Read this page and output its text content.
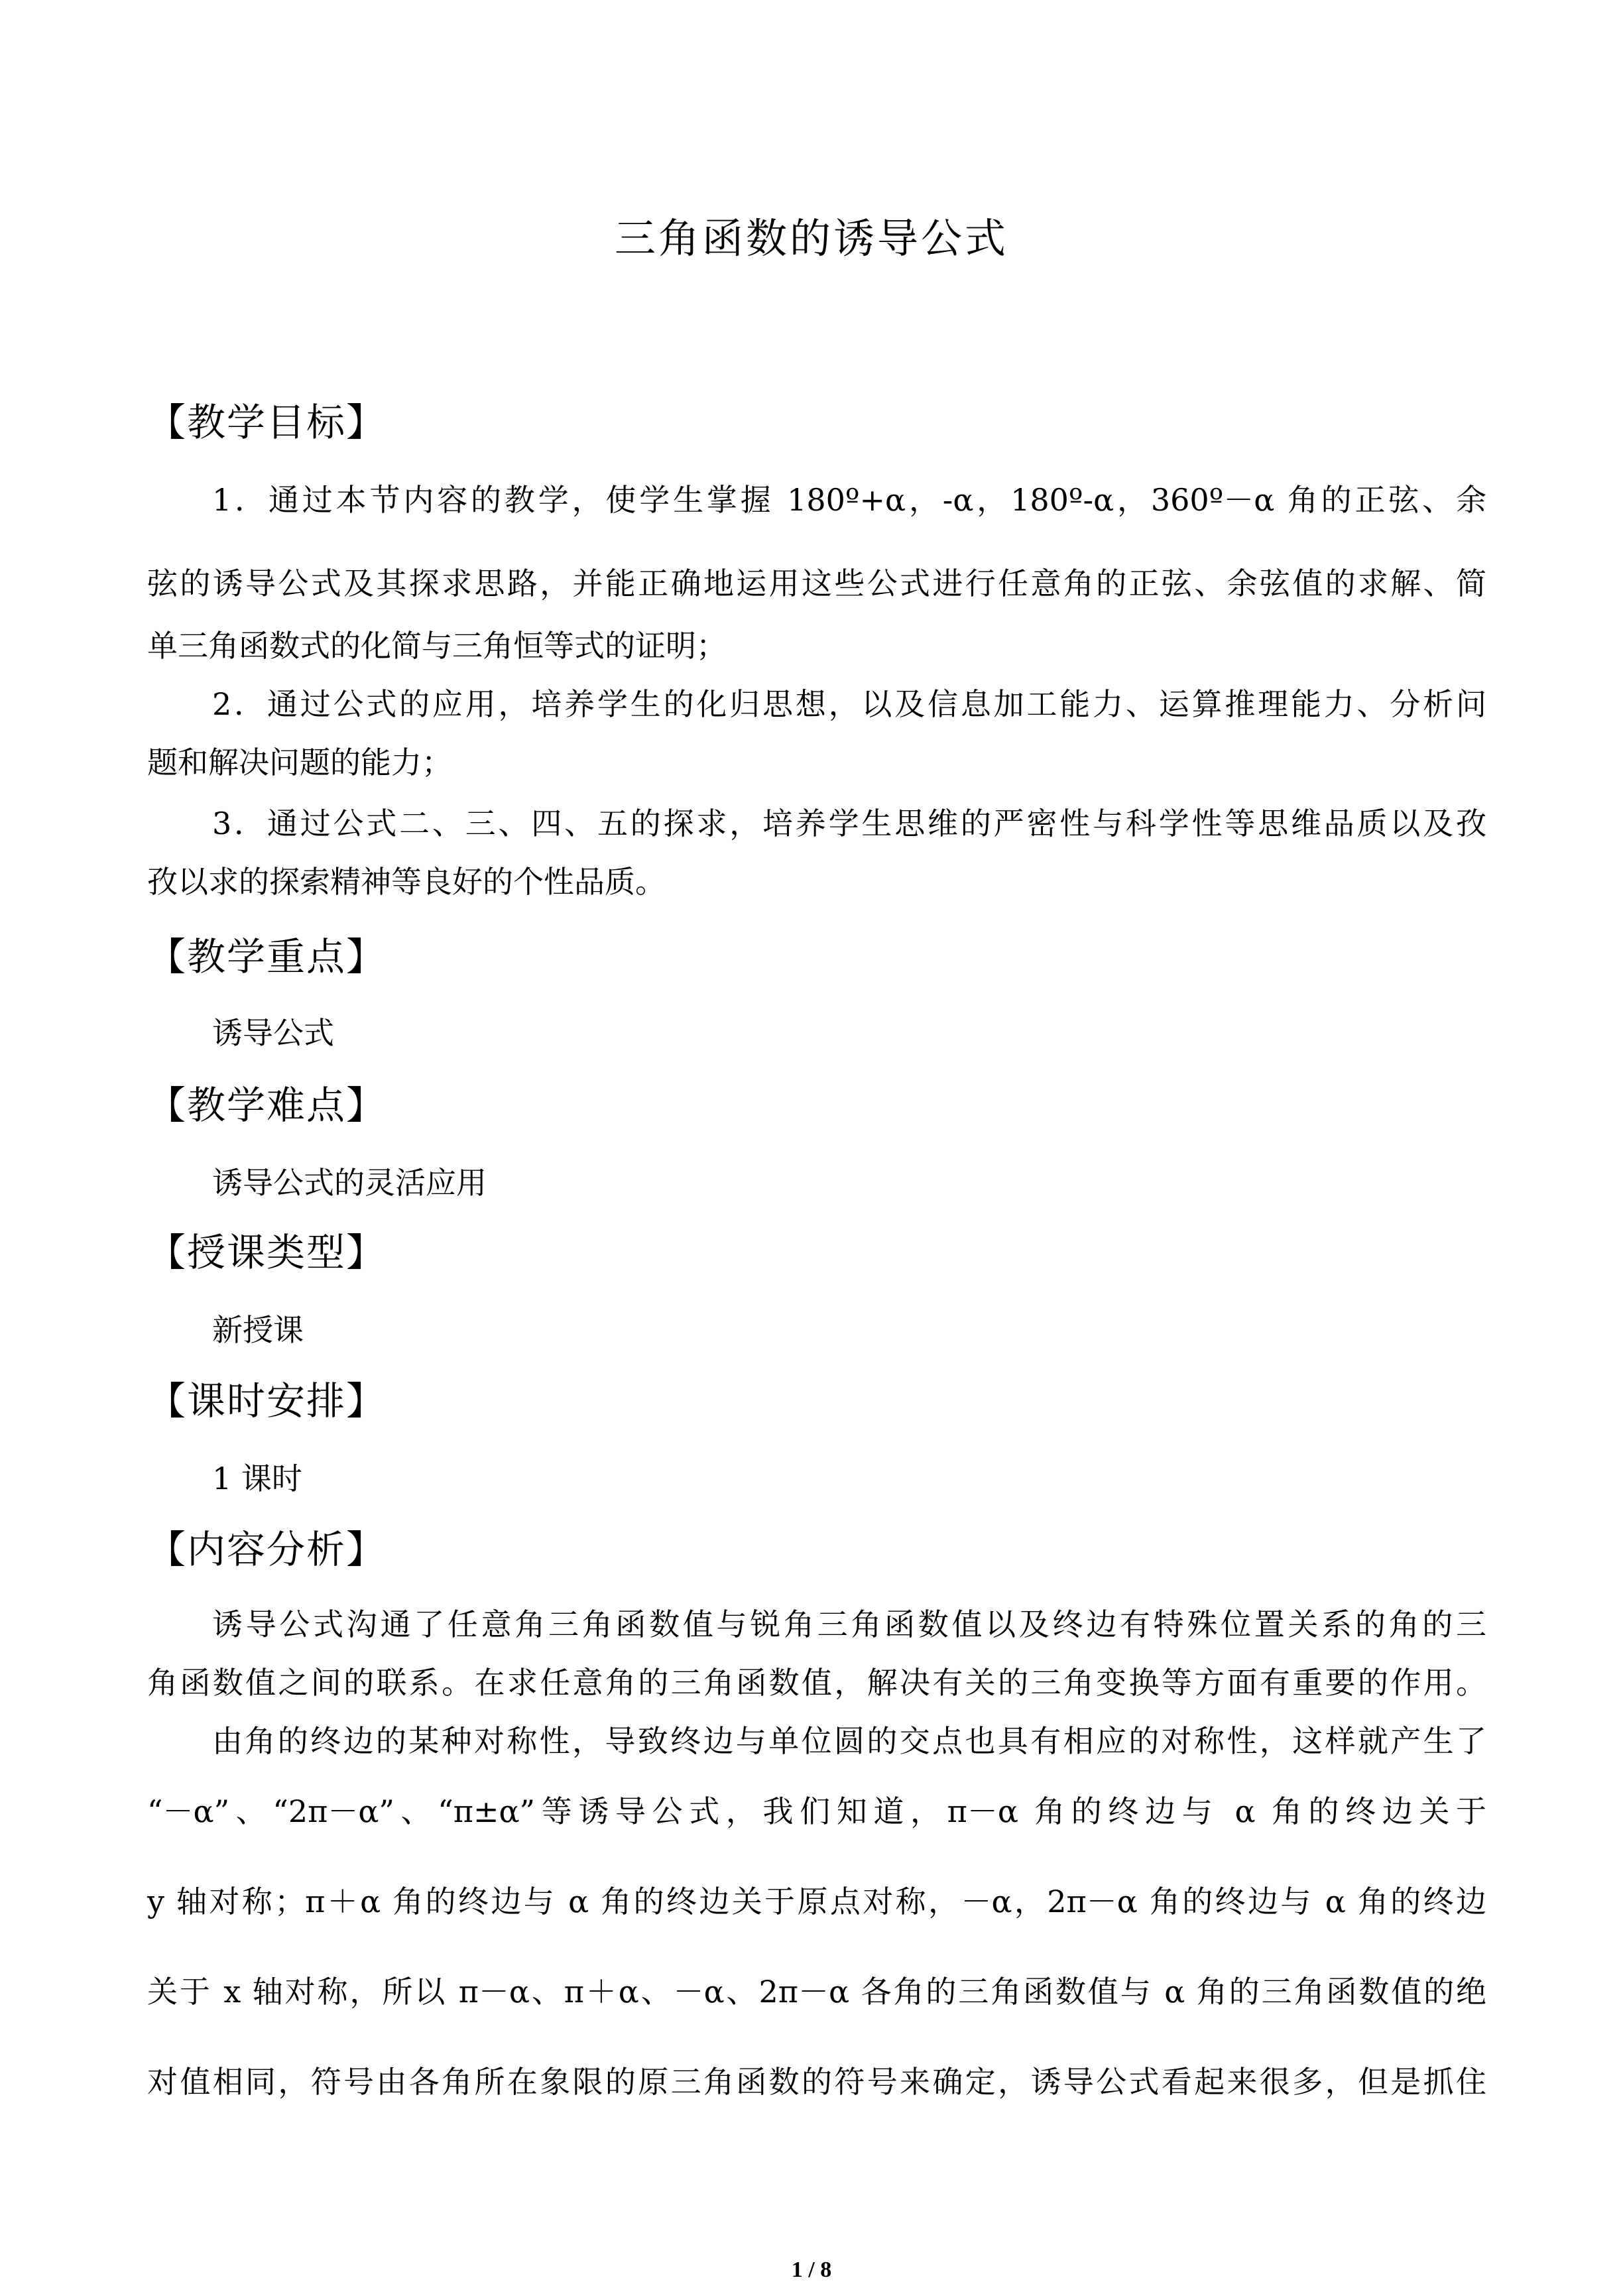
三角函数的诱导公式
【教学目标】
1．通过本节内容的教学，使学生掌握 180º+α，-α，180º-α，360º－α 角的正弦、余
弦的诱导公式及其探求思路，并能正确地运用这些公式进行任意角的正弦、余弦值的求解、简
单三角函数式的化简与三角恒等式的证明；
2．通过公式的应用，培养学生的化归思想，以及信息加工能力、运算推理能力、分析问
题和解决问题的能力；
3．通过公式二、三、四、五的探求，培养学生思维的严密性与科学性等思维品质以及孜
孜以求的探索精神等良好的个性品质。
【教学重点】
诱导公式
【教学难点】
诱导公式的灵活应用
【授课类型】
新授课
【课时安排】
1 课时
【内容分析】
诱导公式沟通了任意角三角函数值与锐角三角函数值以及终边有特殊位置关系的角的三
角函数值之间的联系。在求任意角的三角函数值，解决有关的三角变换等方面有重要的作用。
由角的终边的某种对称性，导致终边与单位圆的交点也具有相应的对称性，这样就产生了
“－α”、“2π－α”、“π±α”等诱导公式，我们知道，π－α 角的终边与 α 角的终边关于
y 轴对称；π＋α 角的终边与 α 角的终边关于原点对称，－α，2π－α 角的终边与 α 角的终边
关于 x 轴对称，所以 π－α、π＋α、－α、2π－α 各角的三角函数值与 α 角的三角函数值的绝
对值相同，符号由各角所在象限的原三角函数的符号来确定，诱导公式看起来很多，但是抓住
1 / 8
